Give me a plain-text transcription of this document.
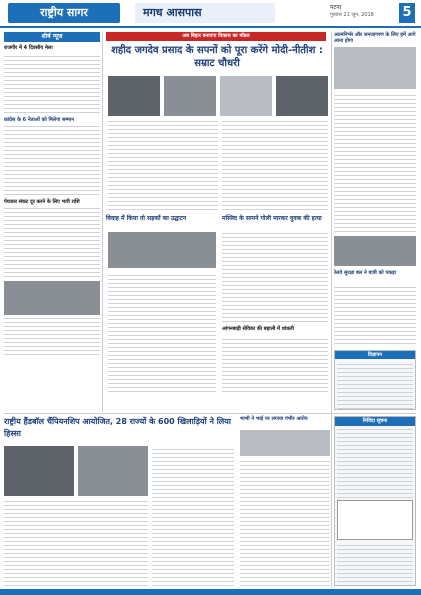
राष्ट्रीय सागर	मगध आसपास	पटना
गुरुवार 21 जून, 2018 5
शीर्ष न्यूज
राजगीर में 4 दिवसीय मेला
कांग्रेस के 6 नेताओं को मिलेगा सम्मान
पेयजल संकट दूर करने के लिए भारी राशि
अब बिहार बनाएगा विकास का मॉडल
शहीद जगदेव प्रसाद के सपनों को पूरा करेंगे मोदी-नीतीश : सम्राट चौधरी
आत्मनिर्भर और जनजागरण के लिए हमें आगे आना होगा
विवाह में किया तो सड़कों का उद्घाटन	मस्जिद के सामने गोली मारकर युवक की हत्या
आंगनबाड़ी सेविका की बहाली में धांधली
रेलवे सुरक्षा बल ने यात्री को पकड़ा
विज्ञापन
राष्ट्रीय हैंडबॉल चैंपियनशिप आयोजित, 28 राज्यों के 600 खिलाड़ियों ने लिया हिस्सा
भाभी ने भाई पर लगाया गंभीर आरोप	निविदा सूचना
